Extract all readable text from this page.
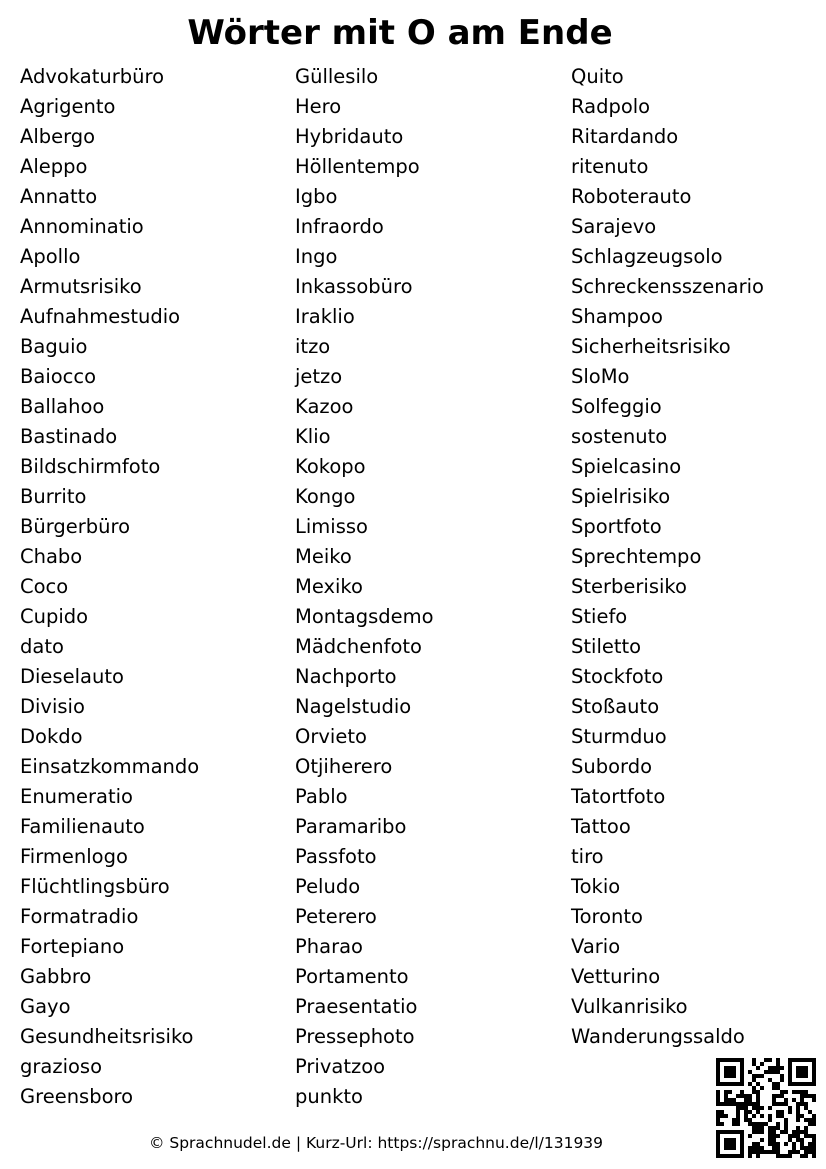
Wörter mit O am Ende
Advokaturbüro
Agrigento
Albergo
Aleppo
Annatto
Annominatio
Apollo
Armutsrisiko
Aufnahmestudio
Baguio
Baiocco
Ballahoo
Bastinado
Bildschirmfoto
Burrito
Bürgerbüro
Chabo
Coco
Cupido
dato
Dieselauto
Divisio
Dokdo
Einsatzkommando
Enumeratio
Familienauto
Firmenlogo
Flüchtlingsbüro
Formatradio
Fortepiano
Gabbro
Gayo
Gesundheitsrisiko
grazioso
Greensboro
Güllesilo
Hero
Hybridauto
Höllentempo
Igbo
Infraordo
Ingo
Inkassobüro
Iraklio
itzo
jetzo
Kazoo
Klio
Kokopo
Kongo
Limisso
Meiko
Mexiko
Montagsdemo
Mädchenfoto
Nachporto
Nagelstudio
Orvieto
Otjiherero
Pablo
Paramaribo
Passfoto
Peludo
Peterero
Pharao
Portamento
Praesentatio
Pressephoto
Privatzoo
punkto
Quito
Radpolo
Ritardando
ritenuto
Roboterauto
Sarajevo
Schlagzeugsolo
Schreckensszenario
Shampoo
Sicherheitsrisiko
SloMo
Solfeggio
sostenuto
Spielcasino
Spielrisiko
Sportfoto
Sprechtempo
Sterberisiko
Stiefo
Stiletto
Stockfoto
Stoßauto
Sturmduo
Subordo
Tatortfoto
Tattoo
tiro
Tokio
Toronto
Vario
Vetturino
Vulkanrisiko
Wanderungssaldo

© Sprachnudel.de | Kurz-Url: https://sprachnu.de/l/131939
